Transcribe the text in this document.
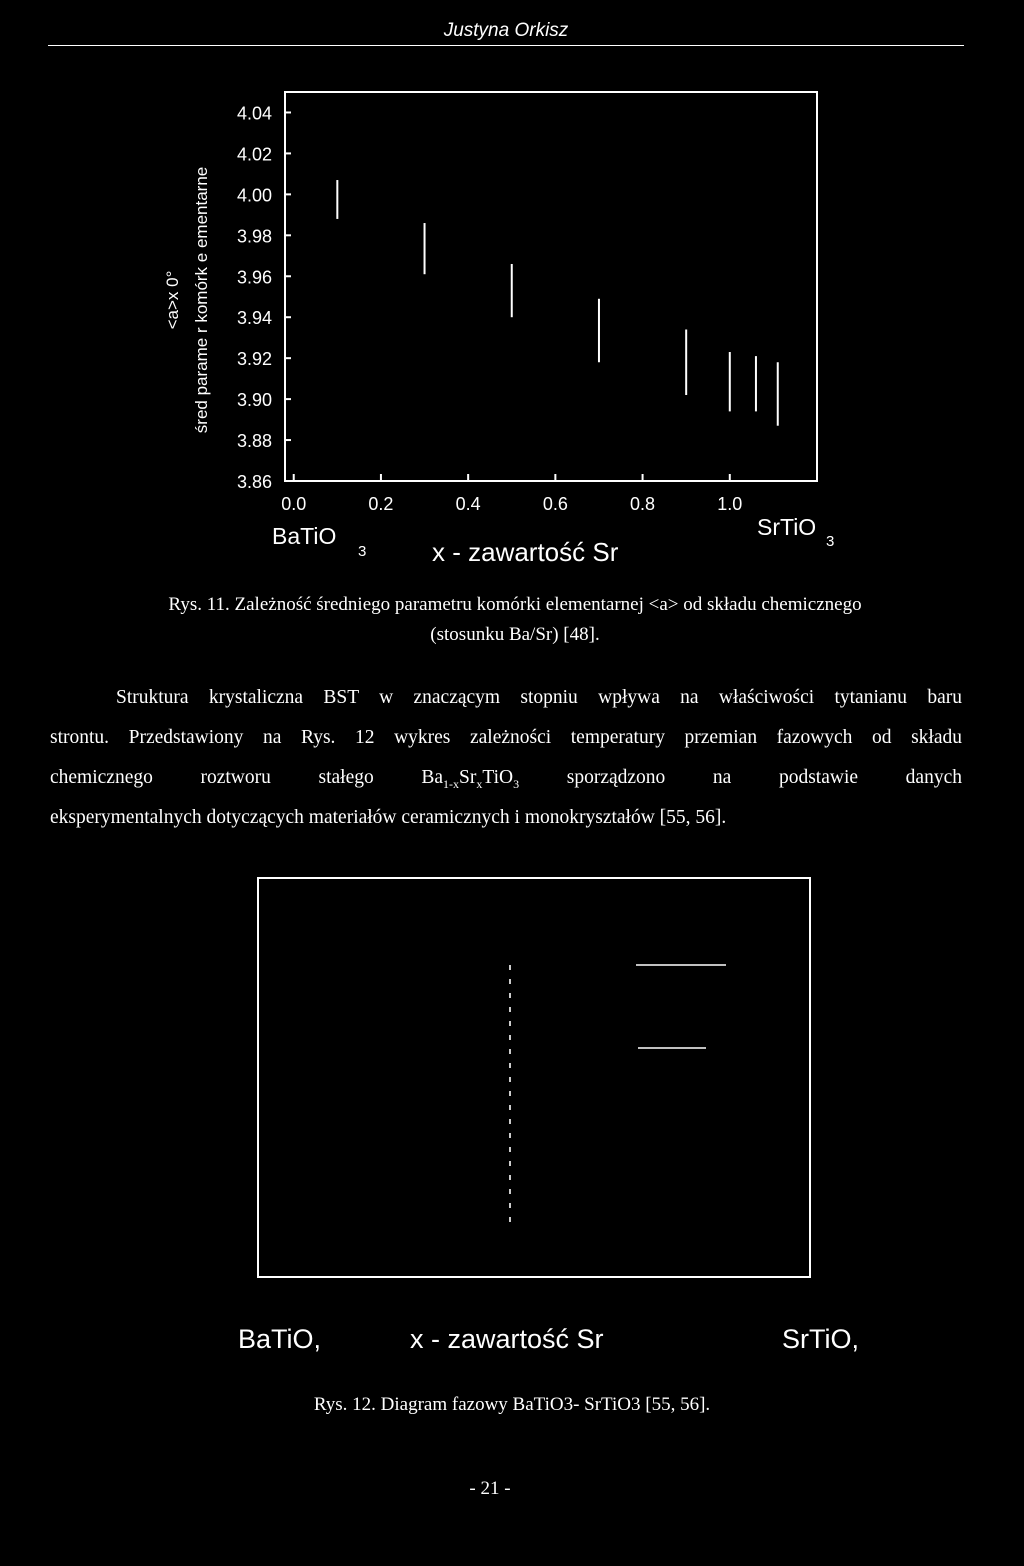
Justyna Orkisz
śred parame r komórk e ementarne
<a>x 0°
4.04
4.02
4.00
3.98
3.96
3.94
3.92
3.90
3.88
3.86
0.0	0.2	0.4	0.6	0.8	1.0
BaTiO
3	x - zawartość Sr
SrTiO
3
Rys. 11. Zależność średniego parametru komórki elementarnej <a> od składu chemicznego
(stosunku Ba/Sr) [48].
Struktura krystaliczna BST w znaczącym stopniu wpływa na właściwości tytanianu baru
strontu. Przedstawiony na Rys. 12 wykres zależności temperatury przemian fazowych od składu
chemicznego roztworu stałego $Ba_{1-x}Sr_xTiO_3$ sporządzono na podstawie danych
eksperymentalnych dotyczących materiałów ceramicznych i monokryształów [55, 56].
BaTiO,	x - zawartość Sr	SrTiO,
Rys. 12. Diagram fazowy BaTiO3- SrTiO3 [55, 56].
- 21 -
